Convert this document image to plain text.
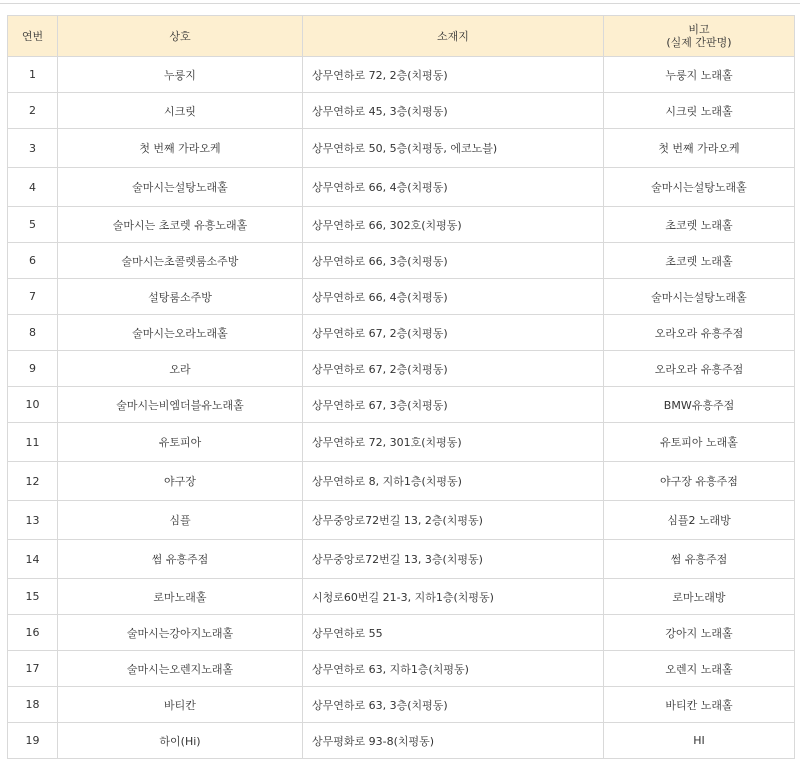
연번	상호	소재지	비고
(실제 간판명)

1	누룽지	상무연하로 72, 2층(치평동)	누룽지 노래홀
2	시크릿	상무연하로 45, 3층(치평동)	시크릿 노래홀
3	첫 번째 가라오케	상무연하로 50, 5층(치평동, 에코노블)	첫 번째 가라오케
4	술마시는설탕노래홀	상무연하로 66, 4층(치평동)	술마시는설탕노래홀
5	술마시는 초코렛 유흥노래홀	상무연하로 66, 302호(치평동)	초코렛 노래홀
6	술마시는초콜렛룸소주방	상무연하로 66, 3층(치평동)	초코렛 노래홀
7	설탕룸소주방	상무연하로 66, 4층(치평동)	술마시는설탕노래홀
8	술마시는오라노래홀	상무연하로 67, 2층(치평동)	오라오라 유흥주점
9	오라	상무연하로 67, 2층(치평동)	오라오라 유흥주점
10	술마시는비엠더블유노래홀	상무연하로 67, 3층(치평동)	BMW유흥주점
11	유토피아	상무연하로 72, 301호(치평동)	유토피아 노래홀
12	야구장	상무연하로 8, 지하1층(치평동)	야구장 유흥주점
13	심플	상무중앙로72번길 13, 2층(치평동)	심플2 노래방
14	썸 유흥주점	상무중앙로72번길 13, 3층(치평동)	썸 유흥주점
15	로마노래홀	시청로60번길 21-3, 지하1층(치평동)	로마노래방
16	술마시는강아지노래홀	상무연하로 55	강아지 노래홀
17	술마시는오렌지노래홀	상무연하로 63, 지하1층(치평동)	오렌지 노래홀
18	바티칸	상무연하로 63, 3층(치평동)	바티칸 노래홀
19	하이(Hi)	상무평화로 93-8(치평동)	HI
